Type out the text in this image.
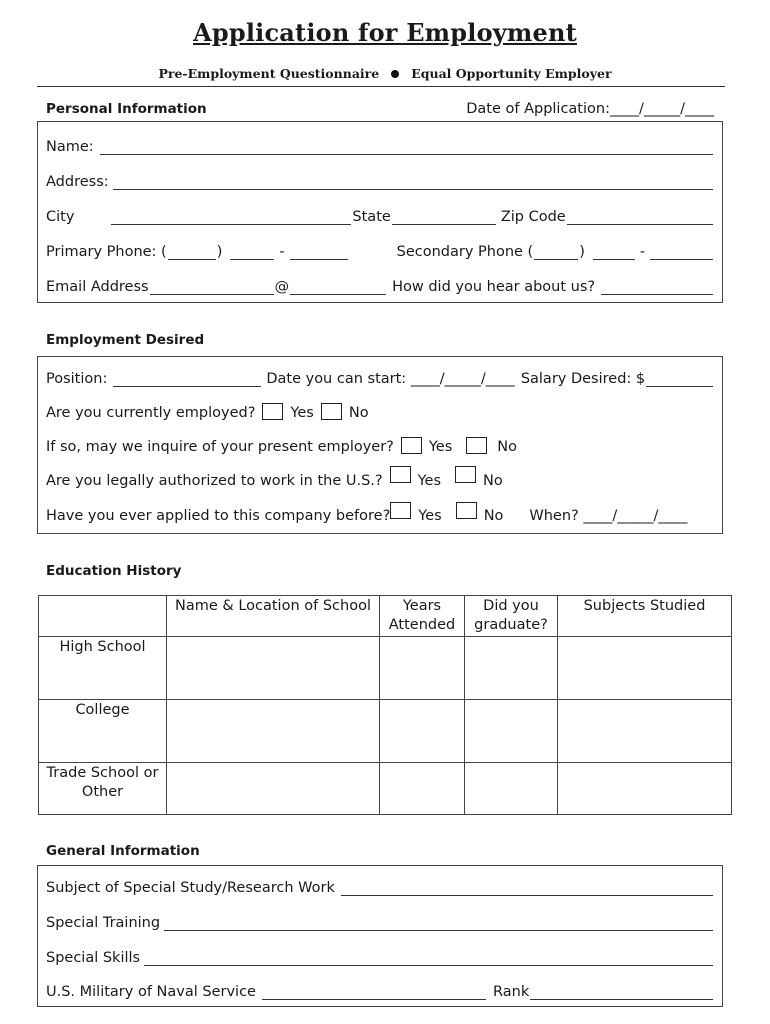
Application for Employment
Pre-Employment Questionnaire	Equal Opportunity Employer
Personal Information	Date of Application:____/_____/____
Name:
Address:
City	State	Zip Code
Primary Phone: (	)	-	Secondary Phone (	)	-
Email Address	@	How did you hear about us?
Employment Desired
Position:	Date you can start: ____/_____/____ Salary Desired: $
Are you currently employed? Yes No
If so, may we inquire of your present employer? Yes	No
Are you legally authorized to work in the U.S.? Yes	No
Have you ever applied to this company before? Yes	No When? ____/_____/____
Education History
	Name & Location of School	Years Attended	Did you graduate?	Subjects Studied
High School				
College				
Trade School or Other				
General Information
Subject of Special Study/Research Work
Special Training
Special Skills
U.S. Military of Naval Service	Rank
